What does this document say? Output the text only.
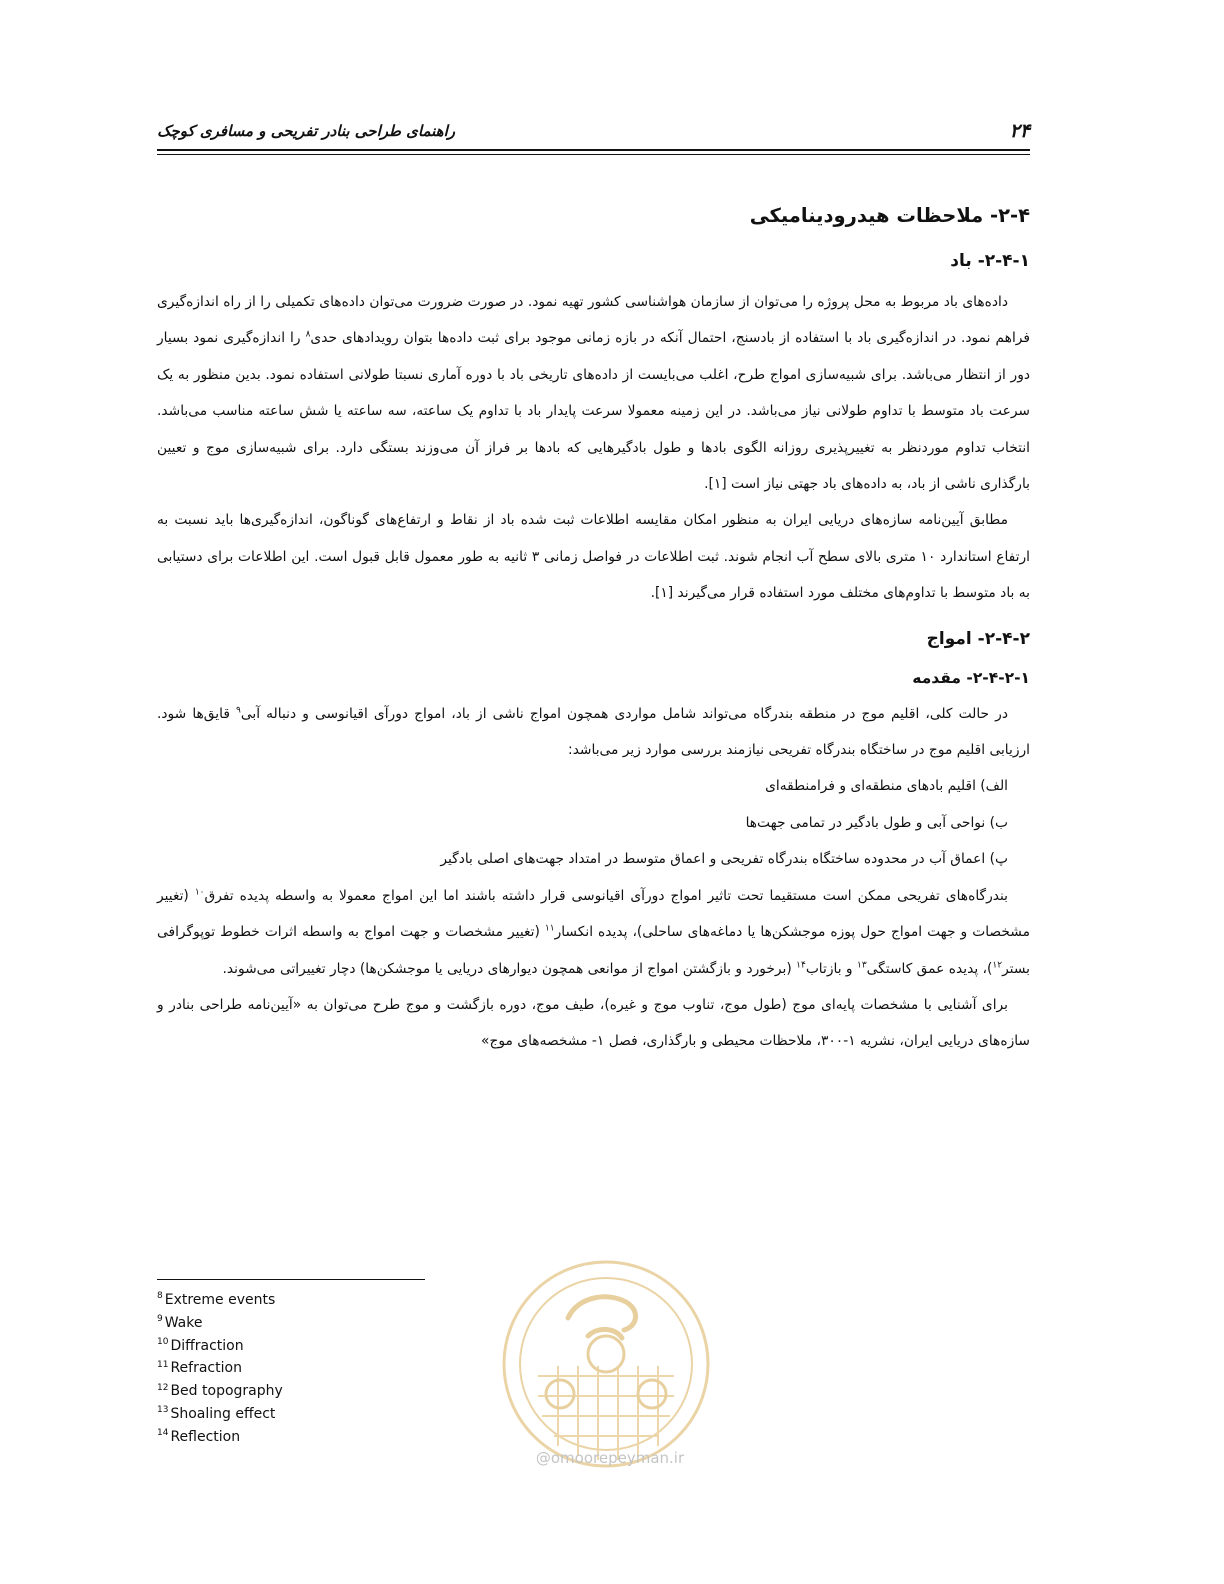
راهنمای طراحی بنادر تفریحی و مسافری کوچک	۲۴
۲-۴- ملاحظات هیدرودینامیکی
۲-۴-۱- باد

داده‌های باد مربوط به محل پروژه را می‌توان از سازمان هواشناسی کشور تهیه نمود. در صورت ضرورت می‌توان داده‌های تکمیلی را از راه اندازه‌گیری فراهم نمود. در اندازه‌گیری باد با استفاده از بادسنج، احتمال آنکه در بازه زمانی موجود برای ثبت داده‌ها بتوان رویدادهای حدی$^۸$ را اندازه‌گیری نمود بسیار دور از انتظار می‌باشد. برای شبیه‌سازی امواج طرح، اغلب می‌بایست از داده‌های تاریخی باد با دوره آماری نسبتا طولانی استفاده نمود. بدین منظور به یک سرعت باد متوسط با تداوم طولانی نیاز می‌باشد. در این زمینه معمولا سرعت پایدار باد با تداوم یک ساعته، سه ساعته یا شش ساعته مناسب می‌باشد. انتخاب تداوم موردنظر به تغییرپذیری روزانه الگوی بادها و طول بادگیرهایی که بادها بر فراز آن می‌وزند بستگی دارد. برای شبیه‌سازی موج و تعیین بارگذاری ناشی از باد، به داده‌های باد جهتی نیاز است [۱].

مطابق آیین‌نامه سازه‌های دریایی ایران به منظور امکان مقایسه اطلاعات ثبت شده باد از نقاط و ارتفاع‌های گوناگون، اندازه‌گیری‌ها باید نسبت به ارتفاع استاندارد ۱۰ متری بالای سطح آب انجام شوند. ثبت اطلاعات در فواصل زمانی ۳ ثانیه به طور معمول قابل قبول است. این اطلاعات برای دستیابی به باد متوسط با تداوم‌های مختلف مورد استفاده قرار می‌گیرند [۱].

۲-۴-۲- امواج
۲-۴-۲-۱- مقدمه

در حالت کلی، اقلیم موج در منطقه بندرگاه می‌تواند شامل مواردی همچون امواج ناشی از باد، امواج دورآی اقیانوسی و دنباله آبی$^۹$ قایق‌ها شود. ارزیابی اقلیم موج در ساختگاه بندرگاه تفریحی نیازمند بررسی موارد زیر می‌باشد:

الف) اقلیم بادهای منطقه‌ای و فرامنطقه‌ای
ب) نواحی آبی و طول بادگیر در تمامی جهت‌ها
پ) اعماق آب در محدوده ساختگاه بندرگاه تفریحی و اعماق متوسط در امتداد جهت‌های اصلی بادگیر

بندرگاه‌های تفریحی ممکن است مستقیما تحت تاثیر امواج دورآی اقیانوسی قرار داشته باشند اما این امواج معمولا به واسطه پدیده تفرق$^{۱۰}$ (تغییر مشخصات و جهت امواج حول پوزه موجشکن‌ها یا دماغه‌های ساحلی)، پدیده انکسار$^{۱۱}$ (تغییر مشخصات و جهت امواج به واسطه اثرات خطوط توپوگرافی بستر$^{۱۲}$)، پدیده عمق کاستگی$^{۱۳}$ و بازتاب$^{۱۴}$ (برخورد و بازگشتن امواج از موانعی همچون دیوارهای دریایی یا موجشکن‌ها) دچار تغییراتی می‌شوند.

برای آشنایی با مشخصات پایه‌ای موج (طول موج، تناوب موج و غیره)، طیف موج، دوره بازگشت و موج طرح می‌توان به «آیین‌نامه طراحی بنادر و سازه‌های دریایی ایران، نشریه ۱-۳۰۰، ملاحظات محیطی و بارگذاری، فصل ۱- مشخصه‌های موج»

$^8$ Extreme events
$^9$ Wake
$^{10}$ Diffraction
$^{11}$ Refraction
$^{12}$ Bed topography
$^{13}$ Shoaling effect
$^{14}$ Reflection
@omoorepeyman.ir
